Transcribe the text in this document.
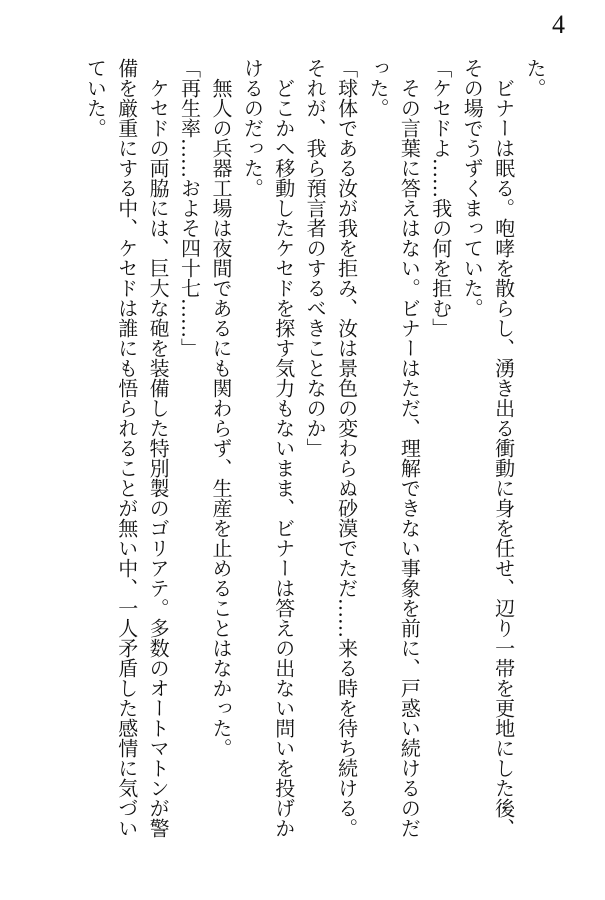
4
た。
　ビナーは眠る。咆哮を散らし、湧き出る衝動に身を任せ、辺り一帯を更地にした後、
その場でうずくまっていた。
「ケセドよ……我の何を拒む」
　その言葉に答えはない。ビナーはただ、理解できない事象を前に、戸惑い続けるのだ
った。
「球体である汝が我を拒み、汝は景色の変わらぬ砂漠でただ……来る時を待ち続ける。
それが、我ら預言者のするべきことなのか」
　どこかへ移動したケセドを探す気力もないまま、ビナーは答えの出ない問いを投げか
けるのだった。
　無人の兵器工場は夜間であるにも関わらず、生産を止めることはなかった。
「再生率……およそ四十七……」
　ケセドの両脇には、巨大な砲を装備した特別製のゴリアテ。多数のオートマトンが警
備を厳重にする中、ケセドは誰にも悟られることが無い中、一人矛盾した感情に気づい
ていた。
